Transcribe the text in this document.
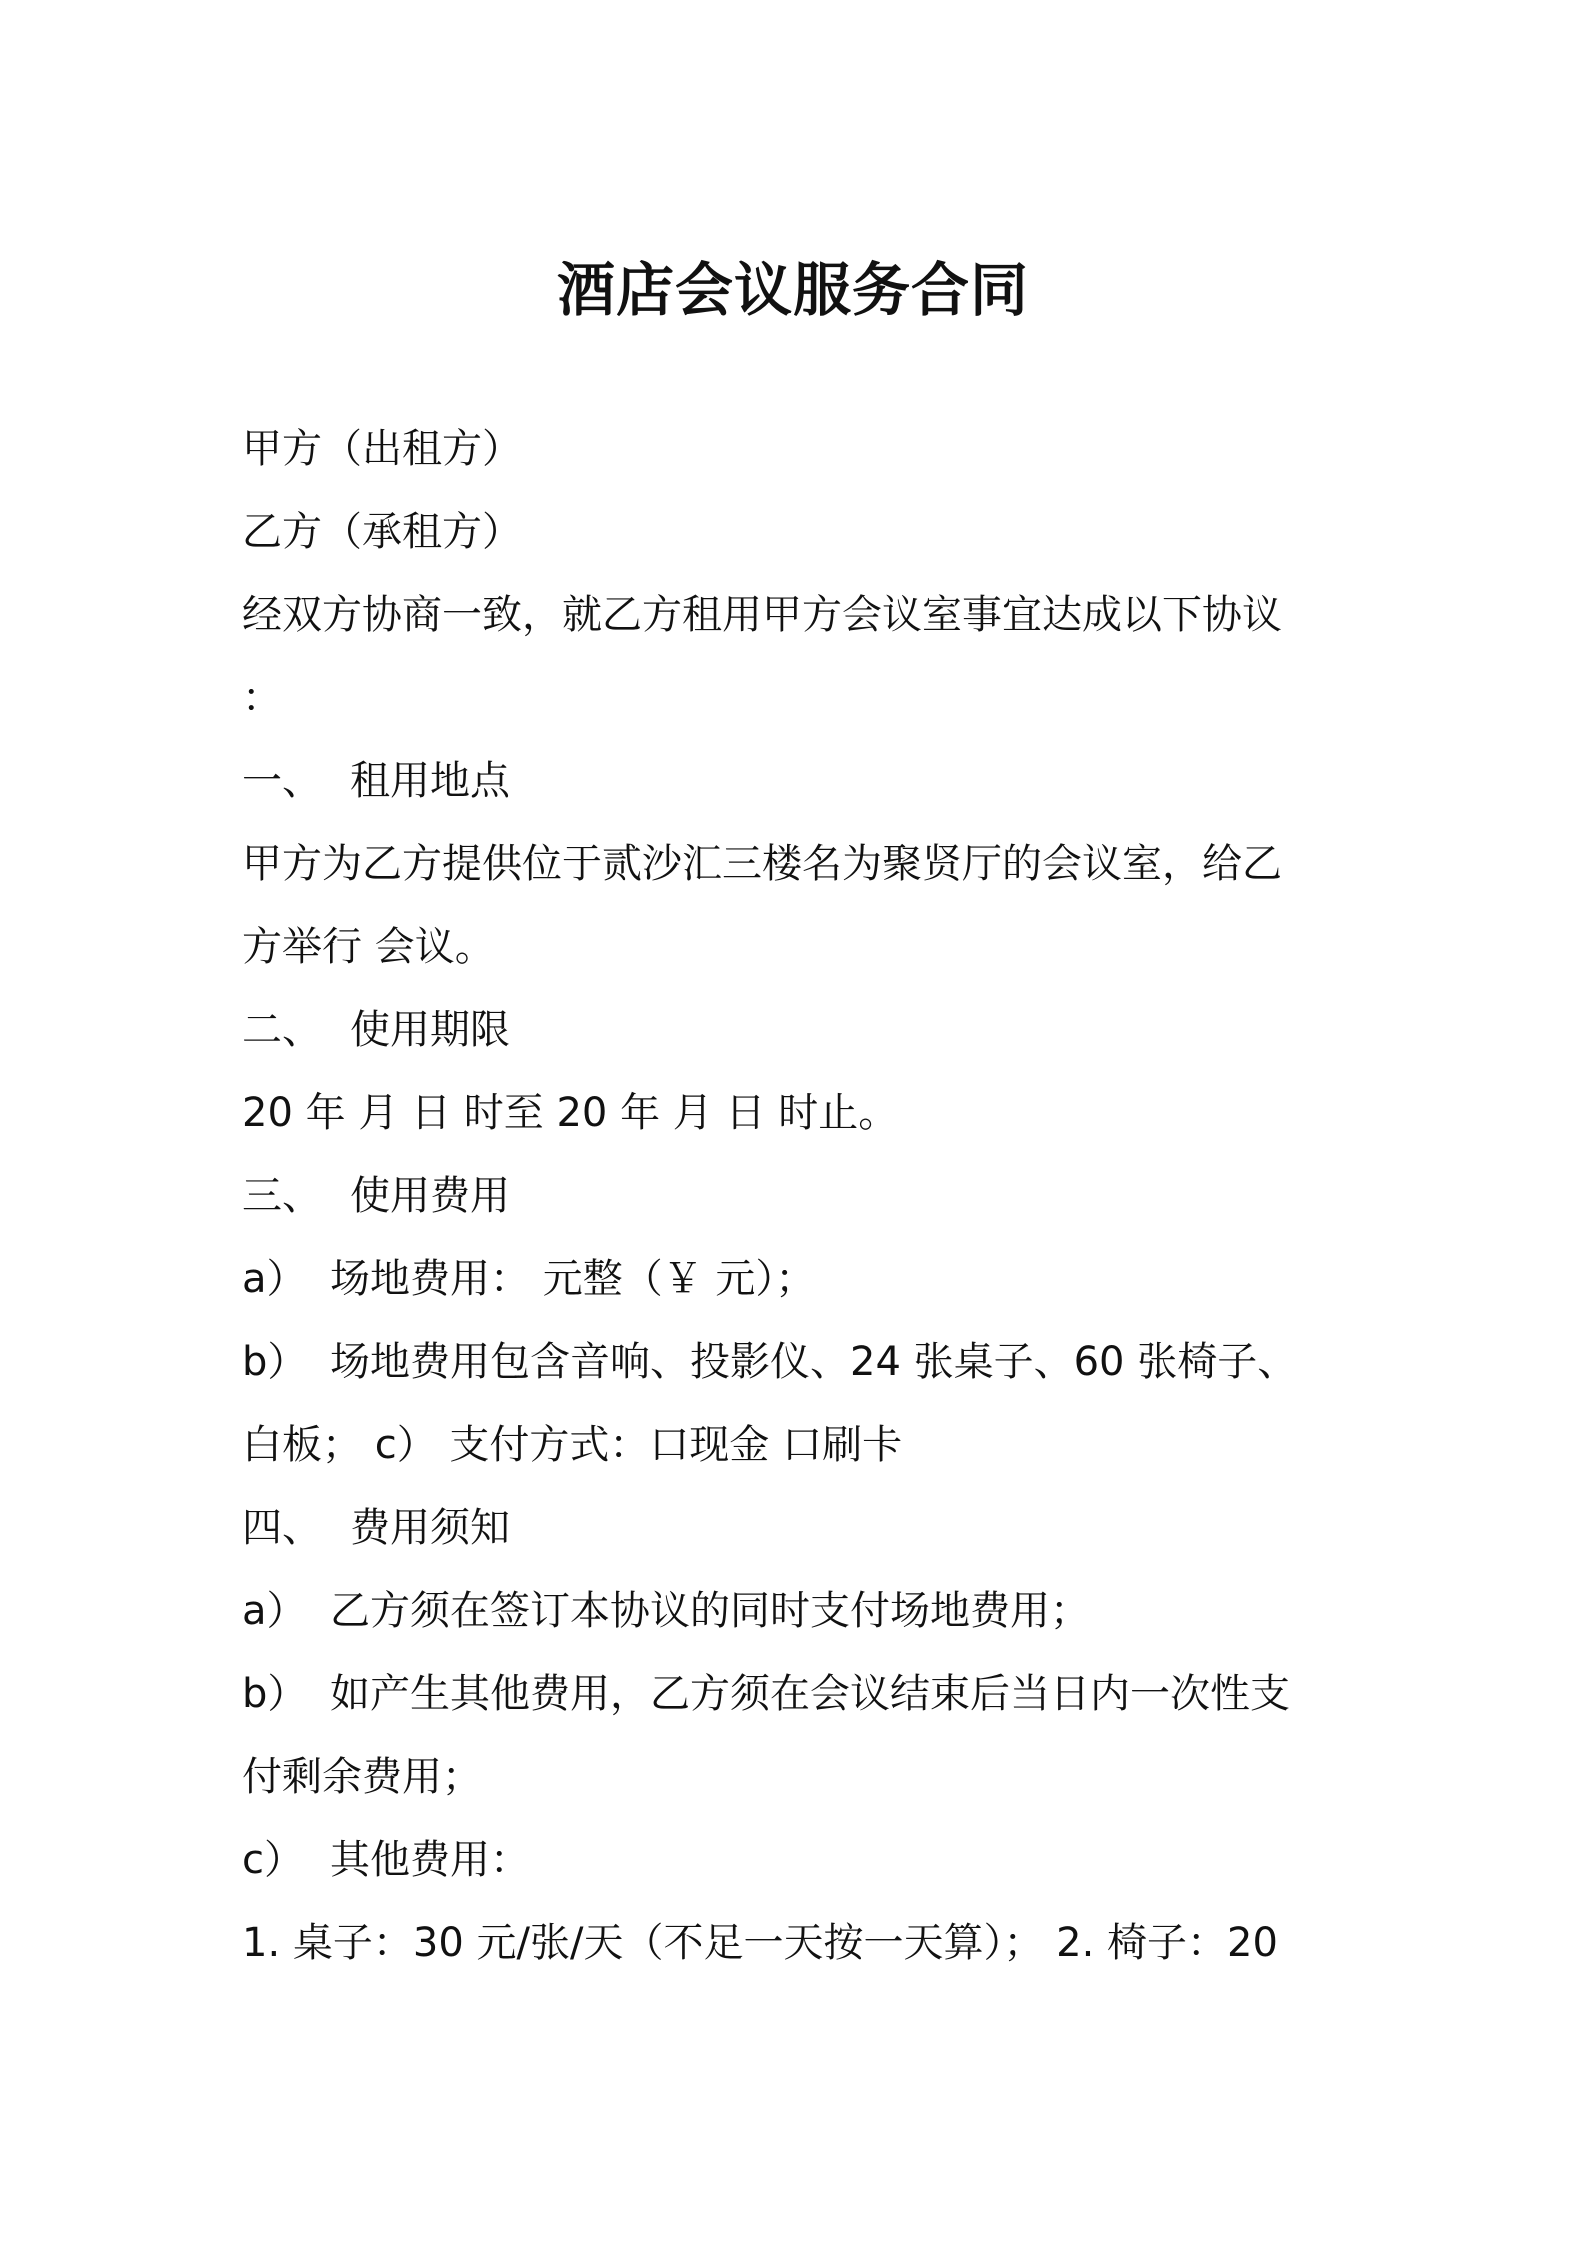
酒店会议服务合同
甲方（出租方）
乙方（承租方）
经双方协商一致，就乙方租用甲方会议室事宜达成以下协议
：
一、 租用地点
甲方为乙方提供位于贰沙汇三楼名为聚贤厅的会议室，给乙
方举行 会议。
二、 使用期限
20 年 月 日 时至 20 年 月 日 时止。
三、 使用费用
a） 场地费用： 元整（￥ 元）；
b） 场地费用包含音响、投影仪、24 张桌子、60 张椅子、
白板； c） 支付方式：口现金 口刷卡
四、 费用须知
a） 乙方须在签订本协议的同时支付场地费用；
b） 如产生其他费用，乙方须在会议结束后当日内一次性支
付剩余费用；
c） 其他费用：
1. 桌子：30 元/张/天（不足一天按一天算）； 2. 椅子：20
